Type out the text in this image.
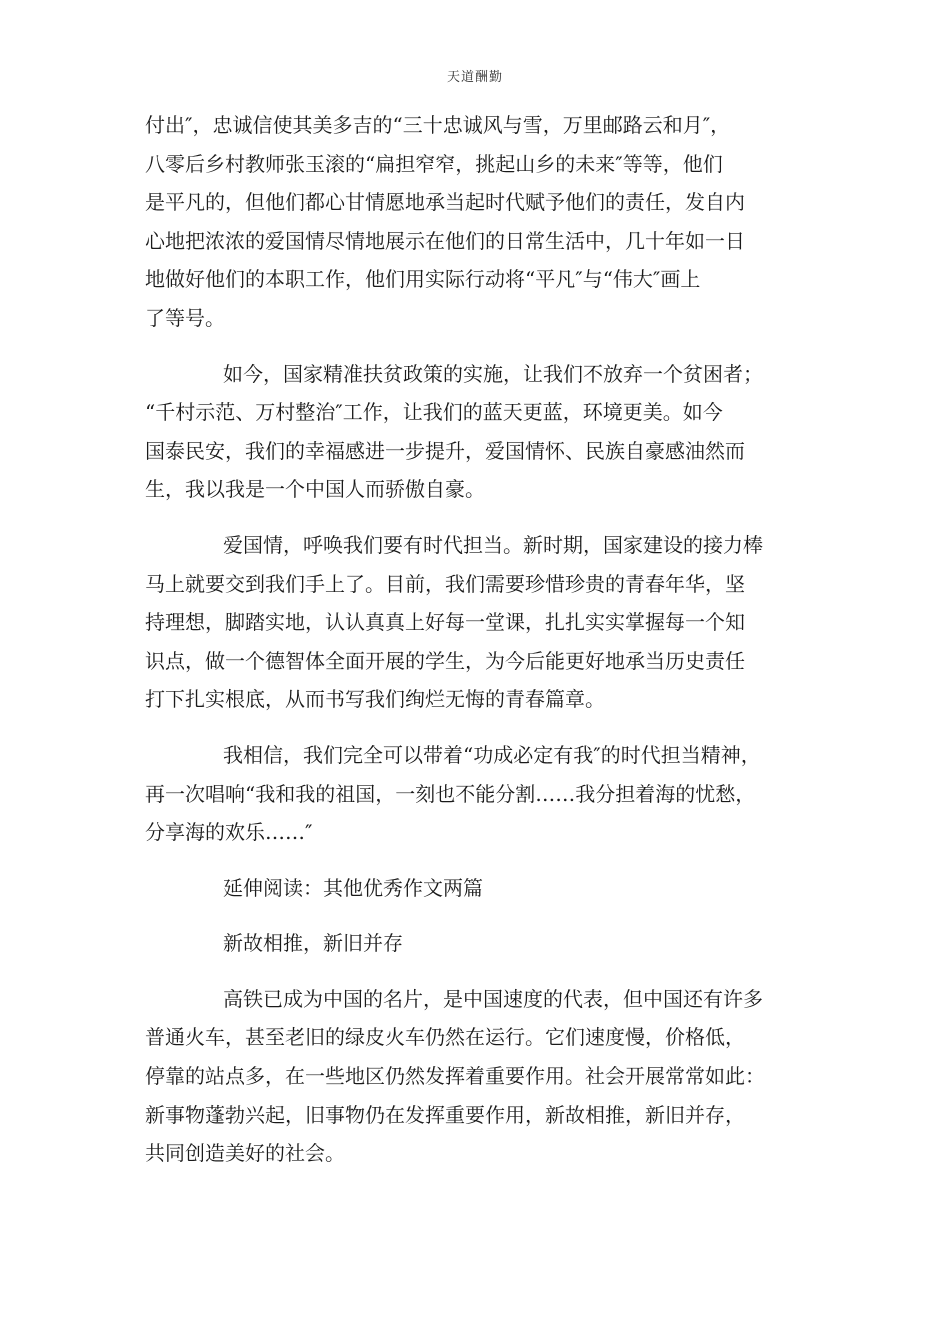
天道酬勤

付出″，忠诚信使其美多吉的“三十忠诚风与雪，万里邮路云和月″，
八零后乡村教师张玉滚的“扁担窄窄，挑起山乡的未来″等等，他们
是平凡的，但他们都心甘情愿地承当起时代赋予他们的责任，发自内
心地把浓浓的爱国情尽情地展示在他们的日常生活中，几十年如一日
地做好他们的本职工作，他们用实际行动将“平凡″与“伟大″画上
了等号。

如今，国家精准扶贫政策的实施，让我们不放弃一个贫困者；
“千村示范、万村整治″工作，让我们的蓝天更蓝，环境更美。如今
国泰民安，我们的幸福感进一步提升，爱国情怀、民族自豪感油然而
生，我以我是一个中国人而骄傲自豪。

爱国情，呼唤我们要有时代担当。新时期，国家建设的接力棒
马上就要交到我们手上了。目前，我们需要珍惜珍贵的青春年华，坚
持理想，脚踏实地，认认真真上好每一堂课，扎扎实实掌握每一个知
识点，做一个德智体全面开展的学生，为今后能更好地承当历史责任
打下扎实根底，从而书写我们绚烂无悔的青春篇章。

我相信，我们完全可以带着“功成必定有我″的时代担当精神，
再一次唱响“我和我的祖国，一刻也不能分割……我分担着海的忧愁，
分享海的欢乐……″

延伸阅读：其他优秀作文两篇

新故相推，新旧并存

高铁已成为中国的名片，是中国速度的代表，但中国还有许多
普通火车，甚至老旧的绿皮火车仍然在运行。它们速度慢，价格低，
停靠的站点多，在一些地区仍然发挥着重要作用。社会开展常常如此：
新事物蓬勃兴起，旧事物仍在发挥重要作用，新故相推，新旧并存，
共同创造美好的社会。
